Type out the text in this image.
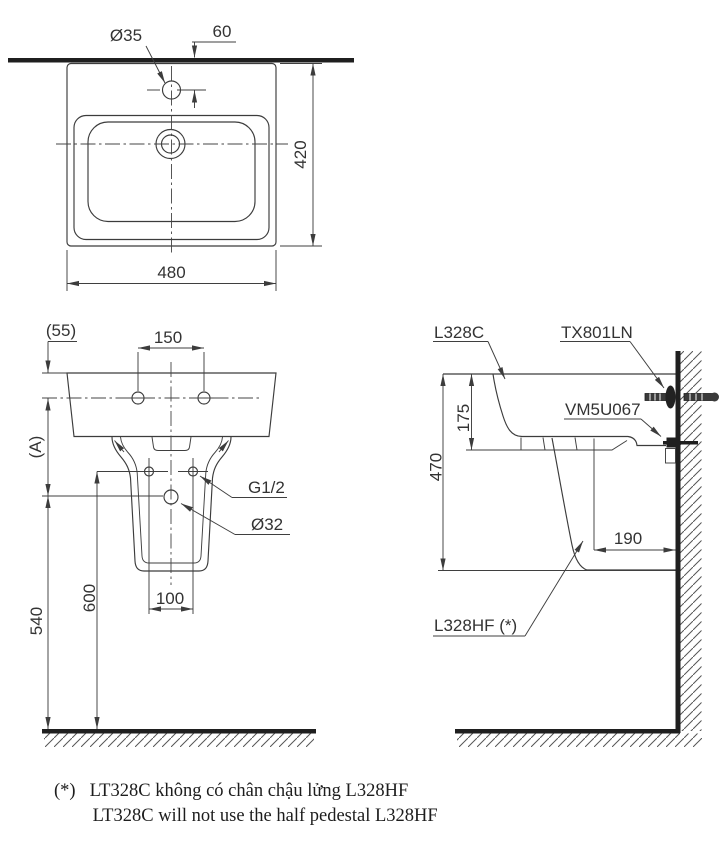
Ø35	60
420
480
150
(55)
(A)
540
600	100
G1/2
Ø32
470
175
190
L328C	TX801LN
VM5U067
L328HF (*)
(*) LT328C không có chân chậu lửng L328HF
LT328C will not use the half pedestal L328HF
